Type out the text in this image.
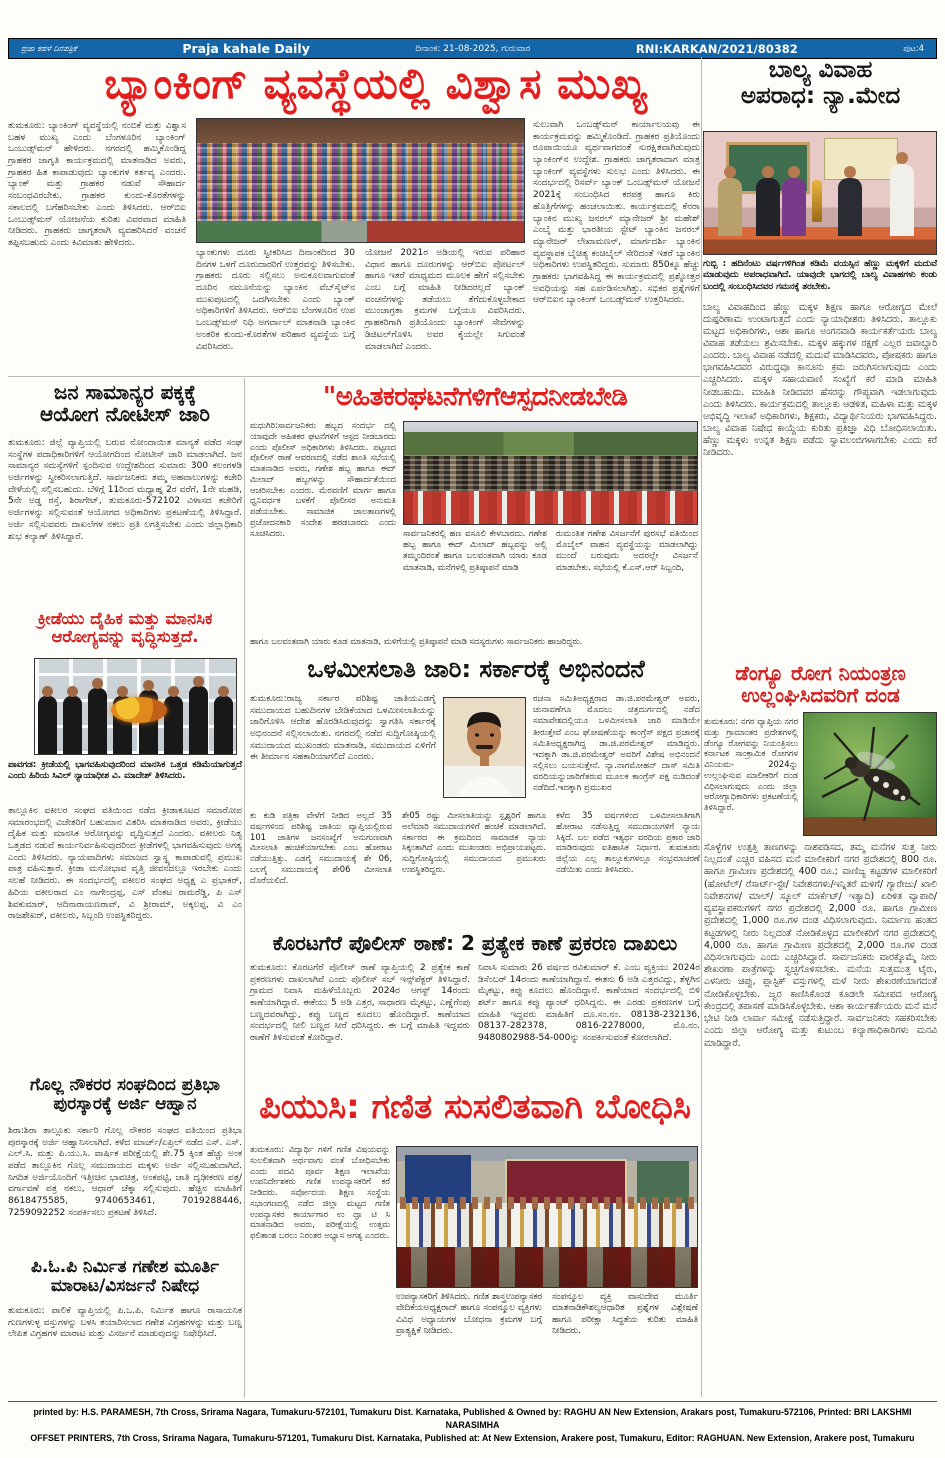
ಪ್ರಜಾ ಕಹಳೆ ದಿನಪತ್ರಿಕೆ	Praja kahale Daily	ದಿನಾಂಕ: 21-08-2025, ಗುರುವಾರ	RNI:KARKAN/2021/80382	ಪುಟ:4
ಬ್ಯಾಂಕಿಂಗ್ ವ್ಯವಸ್ಥೆಯಲ್ಲಿ ವಿಶ್ವಾಸ ಮುಖ್ಯ
ತುಮಕೂರು: ಬ್ಯಾಂಕಿಂಗ್ ವ್ಯವಸ್ಥೆಯಲ್ಲಿ ನಂಬಿಕೆ ಮತ್ತು ವಿಶ್ವಾಸ ಬಹಳ ಮುಖ್ಯ ಎಂದು ಬೆಂಗಳೂರಿನ ಬ್ಯಾಂಕಿಂಗ್ ಒಂಬುಡ್ಸ್‌ಮನ್ ಹೇಳಿದರು. ನಗರದಲ್ಲಿ ಹಮ್ಮಿಕೊಂಡಿದ್ದ ಗ್ರಾಹಕರ ಜಾಗೃತಿ ಕಾರ್ಯಕ್ರಮದಲ್ಲಿ ಮಾತನಾಡಿದ ಅವರು, ಗ್ರಾಹಕರ ಹಿತ ಕಾಪಾಡುವುದು ಬ್ಯಾಂಕುಗಳ ಕರ್ತವ್ಯ ಎಂದರು. ಬ್ಯಾಂಕ್ ಮತ್ತು ಗ್ರಾಹಕರ ನಡುವೆ ಸೌಹಾರ್ದ ಸಂಬಂಧವಿರಬೇಕು. ಗ್ರಾಹಕರ ಕುಂದು-ಕೊರತೆಗಳನ್ನು ಸಕಾಲದಲ್ಲಿ ಬಗೆಹರಿಸಬೇಕು ಎಂದು ತಿಳಿಸಿದರು. ಆರ್‌ಬಿಐ ಒಂಬುಡ್ಸ್‌ಮನ್ ಯೋಜನೆಯ ಕುರಿತು ವಿವರವಾದ ಮಾಹಿತಿ ನೀಡಿದರು. ಗ್ರಾಹಕರು ಜಾಗೃತರಾಗಿ ವ್ಯವಹರಿಸಿದರೆ ವಂಚನೆ ತಪ್ಪಿಸಬಹುದು ಎಂದು ಕಿವಿಮಾತು ಹೇಳಿದರು.
ಬ್ಯಾಂಕುಗಳು ದೂರು ಸ್ವೀಕರಿಸಿದ ದಿನಾಂಕದಿಂದ 30 ದಿನಗಳ ಒಳಗೆ ದೂರುದಾರರಿಗೆ ಉತ್ತರವನ್ನು ತಿಳಿಸಬೇಕು. ಗ್ರಾಹಕರು ದೂರು ಸಲ್ಲಿಸಲು ಅನುಕೂಲವಾಗುವಂತೆ ದೂರಿನ ನಮೂನೆಯನ್ನು ಬ್ಯಾಂಕಿನ ವೆಬ್‌ಸೈಟ್‌ನ ಮುಖಪುಟದಲ್ಲಿ ಒದಗಿಸಬೇಕು ಎಂದು ಬ್ಯಾಂಕ್ ಅಧಿಕಾರಿಗಳಿಗೆ ತಿಳಿಸಿದರು. ಆರ್‌ಬಿಐ ಬೆಂಗಳೂರಿನ ಉಪ ಒಂಬಡ್ಸ್‌ಮನ್ ನಿಧಿ ಅಗರ್ವಾಲ್ ಮಾತನಾಡಿ ಬ್ಯಾಂಕಿನ ಅಂತರಿಕ ಕುಂದು-ಕೊರತೆಗಳ ಪರಿಹಾರ ವ್ಯವಸ್ಥೆಯ ಬಗ್ಗೆ ವಿವರಿಸಿದರು.
ಯೋಜನೆ 2021ರ ಅಡಿಯಲ್ಲಿ ಇರುವ ಪರಿಹಾರ ವಿಧಾನ ಹಾಗೂ ದೂರುಗಳನ್ನು ಆರ್‌ಬಿಐ ಪೋರ್ಟಲ್ ಹಾಗೂ ಇತರೆ ಮಾಧ್ಯಮದ ಮೂಲಕ ಹೇಗೆ ಸಲ್ಲಿಸಬೇಕು ಎಂಬ ಬಗ್ಗೆ ಮಾಹಿತಿ ನೀಡಿದರಲ್ಲದೆ ಬ್ಯಾಂಕ್ ವಂಚನೆಗಳನ್ನು ತಡೆಯಲು ತೆಗೆದುಕೊಳ್ಳಬೇಕಾದ ಮುಂಜಾಗ್ರತಾ ಕ್ರಮಗಳ ಬಗ್ಗೆಯೂ ವಿವರಿಸಿದರು. ಗ್ರಾಹಕರಿಗಾಗಿ ಪ್ರತಿಯೊಂದು ಬ್ಯಾಂಕಿಂಗ್ ಸೇವೆಗಳನ್ನು ಡಿಜಿಟಲ್‌ಗೊಳಿಸಿ ಅವರ ಕೈಯಲ್ಲೇ ಸಿಗುವಂತೆ ಮಾಡಲಾಗಿದೆ ಎಂದರು.
ಸುಲುವಾಗಿ ಒಂಬಡ್ಸ್‌ಮನ್ ಕಾರ್ಯಾಲಯವು ಈ ಕಾರ್ಯಕ್ರಮವನ್ನು ಹಮ್ಮಿಕೊಂಡಿದೆ. ಗ್ರಾಹಕರ ಪ್ರತಿಯೊಂದು ರೂಪಾಯಿಯೂ ವ್ಯರ್ಥವಾಗದಂತೆ ಸುರಕ್ಷಿತವಾಗಿಡುವುದು ಬ್ಯಾಂಕಿಂಗ್‌ನ ಉದ್ದೇಶ. ಗ್ರಾಹಕರು ಜಾಗೃತರಾದಾಗ ಮಾತ್ರ ಬ್ಯಾಂಕಿಂಗ್ ವ್ಯವಸ್ಥೆಗಳು ಸುಲಭ ಎಂದು ತಿಳಿಸಿದರು. ಈ ಸಂದರ್ಭದಲ್ಲಿ ರಿಸರ್ವ್ ಬ್ಯಾಂಕ್ ಒಂಬಡ್ಸ್‌ಮನ್ ಯೋಜನೆ 2021ಕ್ಕೆ ಸಂಬಂಧಿಸಿದ ಕರಪತ್ರ ಹಾಗೂ ಕಿರು ಹೊತ್ತಿಗೆಗಳನ್ನು ಹಂಚಲಾಯಿತು. ಕಾರ್ಯಕ್ರಮದಲ್ಲಿ ಕೆನರಾ ಬ್ಯಾಂಕಿನ ಮುಖ್ಯ ಜನರಲ್ ಮ್ಯಾನೇಜರ್ ಶ್ರೀ ಮಹೇಶ್ ಎಂಬೈ ಮತ್ತು ಭಾರತೀಯ ಸ್ಟೇಟ್ ಬ್ಯಾಂಕಿನ ಜನರಲ್ ಮ್ಯಾನೇಜರ್ ಲೇಖಾಮಣನ್, ಮಾರ್ಗದರ್ಶಿ ಬ್ಯಾಂಕಿನ ವ್ಯವಸ್ಥಾಪಕ ಬೈಚಿತ್ಯ ಕಂಚಿಬೈಲ್ ಸೇರಿದಂತೆ ಇತರೆ ಬ್ಯಾಂಕಿನ ಅಧಿಕಾರಿಗಳು ಉಪಸ್ಥಿತರಿದ್ದರು. ಸುಮಾರು 850ಕ್ಕೂ ಹೆಚ್ಚು ಗ್ರಾಹಕರು ಭಾಗವಹಿಸಿದ್ದ ಈ ಕಾರ್ಯಕ್ರಮದಲ್ಲಿ ಪ್ರಶ್ನೋತ್ತರ ಅವಧಿಯನ್ನು ಸಹ ಏರ್ಪಡಿಸಲಾಗಿತ್ತು. ಸಭಿಕರ ಪ್ರಶ್ನೆಗಳಿಗೆ ಆರ್‌ಬಿಐನ ಬ್ಯಾಂಕಿಂಗ್ ಒಂಬಡ್ಸ್‌ಮನ್ ಉತ್ತರಿಸಿದರು.
ಬಾಲ್ಯ ವಿವಾಹ
ಅಪರಾಧ: ನ್ಯಾ.ಮೇದ
ಗುಬ್ಬಿ : ಹದಿನೆಂಟು ವರ್ಷಗಳಿಗಿಂತ ಕಡಿಮೆ ವಯಸ್ಸಿನ ಹೆಣ್ಣು ಮಕ್ಕಳಿಗೆ ಮದುವೆ ಮಾಡುವುದು ಅಪರಾಧವಾಗಿದೆ. ಯಾವುದೇ ಭಾಗದಲ್ಲಿ ಬಾಲ್ಯ ವಿವಾಹಗಳು ಕಂಡು ಬಂದಲ್ಲಿ ಸಂಬಂಧಿಸಿದವರ ಗಮನಕ್ಕೆ ತರಬೇಕು.
ಬಾಲ್ಯ ವಿವಾಹದಿಂದ ಹೆಣ್ಣು ಮಕ್ಕಳ ಶಿಕ್ಷಣ ಹಾಗೂ ಆರೋಗ್ಯದ ಮೇಲೆ ದುಷ್ಪರಿಣಾಮ ಉಂಟಾಗುತ್ತದೆ ಎಂದು ನ್ಯಾಯಾಧೀಶರು ತಿಳಿಸಿದರು. ತಾಲ್ಲೂಕು ಮಟ್ಟದ ಅಧಿಕಾರಿಗಳು, ಆಶಾ ಹಾಗೂ ಅಂಗನವಾಡಿ ಕಾರ್ಯಕರ್ತೆಯರು ಬಾಲ್ಯ ವಿವಾಹ ತಡೆಯಲು ಶ್ರಮಿಸಬೇಕು. ಮಕ್ಕಳ ಹಕ್ಕುಗಳ ರಕ್ಷಣೆ ಎಲ್ಲರ ಜವಾಬ್ದಾರಿ ಎಂದರು. ಬಾಲ್ಯ ವಿವಾಹ ನಡೆದಲ್ಲಿ ಮದುವೆ ಮಾಡಿಸಿದವರು, ಪೋಷಕರು ಹಾಗೂ ಭಾಗವಹಿಸಿದವರ ವಿರುದ್ಧವೂ ಕಾನೂನು ಕ್ರಮ ಜರುಗಿಸಲಾಗುವುದು ಎಂದು ಎಚ್ಚರಿಸಿದರು. ಮಕ್ಕಳ ಸಹಾಯವಾಣಿ ಸಂಖ್ಯೆಗೆ ಕರೆ ಮಾಡಿ ಮಾಹಿತಿ ನೀಡಬಹುದು. ಮಾಹಿತಿ ನೀಡಿದವರ ಹೆಸರನ್ನು ಗೌಪ್ಯವಾಗಿ ಇಡಲಾಗುವುದು ಎಂದು ತಿಳಿಸಿದರು. ಕಾರ್ಯಕ್ರಮದಲ್ಲಿ ತಾಲ್ಲೂಕು ಆಡಳಿತ, ಮಹಿಳಾ ಮತ್ತು ಮಕ್ಕಳ ಅಭಿವೃದ್ಧಿ ಇಲಾಖೆ ಅಧಿಕಾರಿಗಳು, ಶಿಕ್ಷಕರು, ವಿದ್ಯಾರ್ಥಿನಿಯರು ಭಾಗವಹಿಸಿದ್ದರು. ಬಾಲ್ಯ ವಿವಾಹ ನಿಷೇಧ ಕಾಯ್ದೆಯ ಕುರಿತು ಪ್ರತಿಜ್ಞಾ ವಿಧಿ ಬೋಧಿಸಲಾಯಿತು. ಹೆಣ್ಣು ಮಕ್ಕಳು ಉನ್ನತ ಶಿಕ್ಷಣ ಪಡೆದು ಸ್ವಾವಲಂಬಿಗಳಾಗಬೇಕು ಎಂದು ಕರೆ ನೀಡಿದರು.
ಜನ ಸಾಮಾನ್ಯರ ಪಕ್ಕಕ್ಕೆ
ಆಯೋಗ ನೋಟೀಸ್ ಜಾರಿ
ತುಮಕೂರು: ಜಿಲ್ಲೆ ವ್ಯಾಪ್ತಿಯಲ್ಲಿ ಬರುವ ನೋಂದಾಯಿತ ಮಾನ್ಯತೆ ಪಡೆದ ಸಂಘ ಸಂಸ್ಥೆಗಳ ಪದಾಧಿಕಾರಿಗಳಿಗೆ ಆಯೋಗದಿಂದ ನೋಟೀಸ್ ಜಾರಿ ಮಾಡಲಾಗಿದೆ. ಜನ ಸಾಮಾನ್ಯರ ಸಮಸ್ಯೆಗಳಿಗೆ ಸ್ಪಂದಿಸುವ ಉದ್ದೇಶದಿಂದ ಸುಮಾರು 300 ಕಲಂಗಳಡಿ ಅರ್ಜಿಗಳನ್ನು ಸ್ವೀಕರಿಸಲಾಗುತ್ತಿದೆ. ಸಾರ್ವಜನಿಕರು ತಮ್ಮ ಅಹವಾಲುಗಳನ್ನು ಕಚೇರಿ ವೇಳೆಯಲ್ಲಿ ಸಲ್ಲಿಸಬಹುದು. ಬೆಳಿಗ್ಗೆ 11ರಿಂದ ಮಧ್ಯಾಹ್ನ 2ರ ವರೆಗೆ, 1ನೇ ಮಹಡಿ, 5ನೇ ಅಡ್ಡ ರಸ್ತೆ, ಶಿರಾಗೇಟ್, ತುಮಕೂರು-572102 ವಿಳಾಸದ ಕಚೇರಿಗೆ ಅರ್ಜಿಗಳನ್ನು ಸಲ್ಲಿಸುವಂತೆ ಆಯೋಗದ ಅಧಿಕಾರಿಗಳು ಪ್ರಕಟಣೆಯಲ್ಲಿ ತಿಳಿಸಿದ್ದಾರೆ. ಅರ್ಜಿ ಸಲ್ಲಿಸುವವರು ದಾಖಲೆಗಳ ನಕಲು ಪ್ರತಿ ಲಗತ್ತಿಸಬೇಕು ಎಂದು ಜಿಲ್ಲಾಧಿಕಾರಿ ಶುಭ ಕಲ್ಯಾಣ್ ತಿಳಿಸಿದ್ದಾರೆ.
ಕ್ರೀಡೆಯು ದೈಹಿಕ ಮತ್ತು ಮಾನಸಿಕ
ಆರೋಗ್ಯವನ್ನು ವೃದ್ಧಿಸುತ್ತದೆ.
ಪಾವಗಡ: ಕ್ರೀಡೆಯಲ್ಲಿ ಭಾಗವಹಿಸುವುದರಿಂದ ಮಾನಸಿಕ ಒತ್ತಡ ಕಡಿಮೆಯಾಗುತ್ತದೆ ಎಂದು ಹಿರಿಯ ಸಿವಿಲ್ ನ್ಯಾಯಾಧೀಶ ವಿ. ಮಾದೇಶ್ ತಿಳಿಸಿದರು.
ತಾಲ್ಲೂಕಿನ ವಕೀಲರ ಸಂಘದ ವತಿಯಿಂದ ನಡೆದ ಕ್ರೀಡಾಕೂಟದ ಸಮಾರೋಪ ಸಮಾರಂಭದಲ್ಲಿ ವಿಜೇತರಿಗೆ ಬಹುಮಾನ ವಿತರಿಸಿ ಮಾತನಾಡಿದ ಅವರು, ಕ್ರೀಡೆಯು ದೈಹಿಕ ಮತ್ತು ಮಾನಸಿಕ ಆರೋಗ್ಯವನ್ನು ವೃದ್ಧಿಸುತ್ತದೆ ಎಂದರು. ವಕೀಲರು ನಿತ್ಯ ಒತ್ತಡದ ನಡುವೆ ಕಾರ್ಯನಿರ್ವಹಿಸುವುದರಿಂದ ಕ್ರೀಡೆಗಳಲ್ಲಿ ಭಾಗವಹಿಸುವುದು ಅಗತ್ಯ ಎಂದು ತಿಳಿಸಿದರು. ನ್ಯಾಯವಾದಿಗಳು ಸಮಾಜದ ಸ್ವಾಸ್ಥ್ಯ ಕಾಪಾಡುವಲ್ಲಿ ಪ್ರಮುಖ ಪಾತ್ರ ವಹಿಸುತ್ತಾರೆ. ಕ್ರೀಡಾ ಮನೋಭಾವ ವೃತ್ತಿ ಜೀವನದಲ್ಲೂ ಇರಬೇಕು ಎಂದು ಸಲಹೆ ನೀಡಿದರು. ಈ ಸಂದರ್ಭದಲ್ಲಿ ವಕೀಲರ ಸಂಘದ ಅಧ್ಯಕ್ಷ ಎ ಪ್ರಭಾಕರ್, ಹಿರಿಯ ವಕೀಲರಾದ ಎಂ ನಾಗೇಂದ್ರಪ್ಪ, ಎಸ್ ವೆಂಕಟ ರಾಮರೆಡ್ಡಿ, ಪಿ ಎಸ್ ಶಿವಕುಮಾರ್, ಆದಿನಾರಾಯಣರಾವ್, ವಿ ಶ್ರೀರಾಮ್, ಅಕ್ಕಲಪ್ಪ, ವಿ ಎಂ ರಾಜಶೇಖರ್, ವಕೀಲರು, ಸಿಬ್ಬಂದಿ ಉಪಸ್ಥಿತರಿದ್ದರು.
ಗೊಲ್ಲ ನೌಕರರ ಸಂಘದಿಂದ ಪ್ರತಿಭಾ
ಪುರಸ್ಕಾರಕ್ಕೆ ಅರ್ಜಿ ಆಹ್ವಾನ
ಶಿರಾ:ಶಿರಾ ತಾಲ್ಲೂಕು ಸರ್ಕಾರಿ ಗೊಲ್ಲ ನೌಕರರ ಸಂಘದ ವತಿಯಿಂದ ಪ್ರತಿಭಾ ಪುರಸ್ಕಾರಕ್ಕೆ ಅರ್ಜಿ ಆಹ್ವಾನಿಸಲಾಗಿದೆ. ಕಳೆದ ಮಾರ್ಚ್/ಏಪ್ರಿಲ್ ನಡೆದ ಎಸ್. ಎಸ್. ಎಲ್.ಸಿ. ಮತ್ತು ಪಿ.ಯು.ಸಿ. ವಾರ್ಷಿಕ ಪರೀಕ್ಷೆಯಲ್ಲಿ ಶೇ.75 ಕ್ಕಿಂತ ಹೆಚ್ಚು ಅಂಕ ಪಡೆದ ತಾಲ್ಲೂಕಿನ ಗೊಲ್ಲ ಸಮುದಾಯದ ಮಕ್ಕಳು ಅರ್ಜಿ ಸಲ್ಲಿಸಬಹುದಾಗಿದೆ. ನಿಗದಿತ ಅರ್ಜಿಯೊಂದಿಗೆ ಇತ್ತೀಚಿನ ಭಾವಚಿತ್ರ, ಅಂಕಪಟ್ಟಿ, ಜಾತಿ ದೃಢೀಕರಣ ಪತ್ರ/ವರ್ಗಾವಣೆ ಪತ್ರ ನಕಲು, ಆಧಾರ್ ಚೆಕ್ಕಾ ಸಲ್ಲಿಸುವುದು. ಹೆಚ್ಚಿನ ಮಾಹಿತಿಗೆ 8618475585, 9740653461, 7019288446, 7259092252 ಸಂಪರ್ಕಿಸಲು ಪ್ರಕಟಣೆ ತಿಳಿಸಿದೆ.
ಪಿ.ಓ.ಪಿ ನಿರ್ಮಿತ ಗಣೇಶ ಮೂರ್ತಿ
ಮಾರಾಟ/ವಿಸರ್ಜನೆ ನಿಷೇಧ
ತುಮಕೂರು: ಪಾಲಿಕೆ ವ್ಯಾಪ್ತಿಯಲ್ಲಿ ಪಿ.ಒ.ಪಿ. ನಿರ್ಮಿತ ಹಾಗೂ ರಾಸಾಯನಿಕ ಗುಣಗಳುಳ್ಳ ವಸ್ತುಗಳನ್ನು ಬಳಸಿ ತಯಾರಿಸಲಾದ ಗಣೇಶ ವಿಗ್ರಹಗಳನ್ನು ಮತ್ತು ಬಣ್ಣ ಲೇಪಿತ ವಿಗ್ರಹಗಳ ಮಾರಾಟ ಮತ್ತು ವಿಸರ್ಜನೆ ಮಾಡುವುದನ್ನು ನಿಷೇಧಿಸಿದೆ.
"ಅಹಿತಕರಘಟನೆಗಳಿಗೆಆಸ್ಪದನೀಡಬೇಡಿ
ಮಧುಗಿರಿ:ಸಾರ್ವಜನಿಕರು ಹಬ್ಬದ ಸಂದರ್ಭ ದಲ್ಲಿ ಯಾವುದೇ ಅಹಿತಕರ ಘಟನೆಗಳಿಗೆ ಆಸ್ಪದ ನೀಡಬಾರದು ಎಂದು ಪೊಲೀಸ್ ಅಧಿಕಾರಿಗಳು ತಿಳಿಸಿದರು. ಪಟ್ಟಣದ ಪೊಲೀಸ್ ಠಾಣೆ ಆವರಣದಲ್ಲಿ ನಡೆದ ಶಾಂತಿ ಸಭೆಯಲ್ಲಿ ಮಾತನಾಡಿದ ಅವರು, ಗಣೇಶ ಹಬ್ಬ ಹಾಗೂ ಈದ್ ಮಿಲಾದ್ ಹಬ್ಬಗಳನ್ನು ಸೌಹಾರ್ದತೆಯಿಂದ ಆಚರಿಸಬೇಕು ಎಂದರು. ಮೆರವಣಿಗೆ ಮಾರ್ಗ ಹಾಗೂ ಧ್ವನಿವರ್ಧಕ ಬಳಕೆಗೆ ಪೊಲೀಸರ ಅನುಮತಿ ಪಡೆಯಬೇಕು. ಸಾಮಾಜಿಕ ಜಾಲತಾಣಗಳಲ್ಲಿ ಪ್ರಚೋದನಕಾರಿ ಸಂದೇಶ ಹರಡಬಾರದು ಎಂದು ಸೂಚಿಸಿದರು.	ಸಾರ್ವಜನಿಕರಲ್ಲಿ ಹಣ ವಸೂಲಿ ಕೇಳಬಾರದು. ಗಣೇಶ ಹಬ್ಬ ಹಾಗೂ ಈದ್ ಮಿಲಾದ್ ಹಬ್ಬವನ್ನು ಅಲ್ಲಿ ತಮ್ಮಂದಿರಂತೆ ಹಾಗೂ ಬಲವಂತವಾಗಿ ಯಾರು ಕೂಡ ಮಾತನಾಡಿ, ಮನೆಗಳಲ್ಲಿ ಪ್ರತಿಷ್ಠಾಪನೆ ಮಾಡಿ
ರುಮಂತಿತ ಗಣೇಶ ವಿಸರ್ಜನೆಗೆ ಪುರಸಭೆ ವತಿಯಿಂದ ಮೊಬೈಲ್ ವಾಹನ ವ್ಯವಸ್ಥೆಯನ್ನು ಮಾಡಲಾಗಿದ್ದು ಮುಂದೆ ಬರುವುದು ಅದರಲ್ಲೇ ವಿಸರ್ಜನೆ ಮಾಡಬೇಕು. ಸಭೆಯಲ್ಲಿ ಕೆ.ಎಸ್.ಆರ್ ಸಿಬ್ಬಂದಿ,
ಹಾಗೂ ಬಲವಂತವಾಗಿ ಯಾರು ಕೂಡ ಮಾತನಾಡಿ, ಮಳಿಗೆಯಲ್ಲಿ ಪ್ರತಿಷ್ಠಾಪನೆ ಮಾಡಿ ಸದಸ್ಯರುಗಳು ಸಾರ್ವಜನಿಕರು ಹಾಜರಿದ್ದರು.
ಒಳಮೀಸಲಾತಿ ಜಾರಿ: ಸರ್ಕಾರಕ್ಕೆ ಅಭಿನಂದನೆ
ತುಮಕೂರು:ರಾಜ್ಯ ಸರ್ಕಾರ ಪರಿಶಿಷ್ಟ ಜಾತಿಯಎಡಗೈ ಸಮುದಾಯದ ಬಹುದಿನಗಳ ಬೇಡಿಕೆಯಾದ ಒಳಮೀಸಲಾತಿಯನ್ನು ಜಾರಿಗೊಳಿಸಿ ಆದೇಶ ಹೊರಡಿಸಿರುವುದನ್ನು ಸ್ವಾಗತಿಸಿ ಸರ್ಕಾರಕ್ಕೆ ಅಭಿನಂದನೆ ಸಲ್ಲಿಸಲಾಯಿತು. ನಗರದಲ್ಲಿ ನಡೆದ ಸುದ್ದಿಗೋಷ್ಠಿಯಲ್ಲಿ ಸಮುದಾಯದ ಮುಖಂಡರು ಮಾತನಾಡಿ, ಸಮುದಾಯದ ಏಳಿಗೆಗೆ ಈ ತೀರ್ಮಾನ ಸಹಕಾರಿಯಾಗಲಿದೆ ಎಂದರು.
ರಚನಾ ಸಮಿತಿಅಧ್ಯಕ್ಷರಾದ ಡಾ.ಜಿ.ಪರಮೇಶ್ವರ್ ಅವರು, ಚುನಾವಣೆಗೂ ಮೊದಲು ಚಿತ್ರದುರ್ಗದಲ್ಲಿ ನಡೆದ ಸಮಾವೇಶದಲ್ಲಿಯೂ ಒಳಮೀಸಲಾತಿ ಜಾರಿ ಮಾಡಿಯೇ ತೀರುತ್ತೇವೆ ಎಂಬ ಘೋಷಣೆಯನ್ನು ಕಾಂಗ್ರೆಸ್ ಪಕ್ಷದ ಪ್ರಚಾರಕ್ಕೆ ಸಮಿತಿಅಧ್ಯಕ್ಷರಾಗಿದ್ದ ಡಾ.ಜಿ.ಪರಮೇಶ್ವರ್ ಮಾಡಿದ್ದರು. ಇದಕ್ಕಾಗಿ ಡಾ.ಜಿ.ಪರಮೇಶ್ವರ್ ಅವರಿಗೆ ವಿಶೇಷ ಅಭಿನಂದನೆ ಸಲ್ಲಿಸಲು ಬಯಸುತ್ತೇನೆ. ನ್ಯಾ.ನಾಗಮೋಹನ್ ದಾಸ್ ಸಮಿತಿ ವರದಿಯನ್ನುಜಾರಿಗೆತರುವ ಮೂಲಕ ಕಾಂಗ್ರೆಸ್ ಪಕ್ಷ ನುಡಿದಂತೆ ನಡೆದಿದೆ.ಇದಕ್ಕಾಗಿ ಪ್ರಮುಖರ
ಕು ಕುಡಿ ಪತ್ರಿಕಾ ವೇಳೆಗೆ ನೀಡಿದ ಅಲ್ಲದೆ 35 ವರ್ಷಗಳಿಂದ ಪರಿಶಿಷ್ಟ ಜಾತಿಯ ವ್ಯಾಪ್ತಿಯಲ್ಲಿರುವ 101 ಜಾತಿಗಳ ಜನಸಂಖ್ಯೆಗೆ ಅನುಗುಣವಾಗಿ ಮೀಸಲಾತಿ ಹಂಚಿಕೆಯಾಗಬೇಕು ಎಂಬ ಹೋರಾಟ ನಡೆಯುತ್ತಿತ್ತು. ಎಡಗೈ ಸಮುದಾಯಕ್ಕೆ ಶೇ 06, ಬಲಗೈ ಸಮುದಾಯಕ್ಕೆ ಶೇ06 ಮೀಸಲಾತಿ ದೊರೆಯಲಿದೆ.
ಶೇ05 ರಷ್ಟು ಮೀಸಲಾತಿಯನ್ನು ಸ್ಪೃಶ್ಯರಿಗೆ ಹಾಗೂ ಅಲೆಮಾರಿ ಸಮುದಾಯಗಳಿಗೆ ಹಂಚಿಕೆ ಮಾಡಲಾಗಿದೆ. ಸರ್ಕಾರದ ಈ ಕ್ರಮದಿಂದ ಸಾಮಾಜಿಕ ನ್ಯಾಯ ಸಿಕ್ಕಂತಾಗಿದೆ ಎಂದು ಮುಖಂಡರು ಅಭಿಪ್ರಾಯಪಟ್ಟರು. ಸುದ್ದಿಗೋಷ್ಠಿಯಲ್ಲಿ ಸಮುದಾಯದ ಪ್ರಮುಖರು ಉಪಸ್ಥಿತರಿದ್ದರು.
ಕಳೆದ 35 ವರ್ಷಗಳಿಂದ ಒಳಮೀಸಲಾತಿಗಾಗಿ ಹೋರಾಟ ನಡೆಸುತ್ತಿದ್ದ ಸಮುದಾಯಗಳಿಗೆ ನ್ಯಾಯ ಸಿಕ್ಕಿದೆ. ಬಲ ಪಡೆದ ಇತ್ಯರ್ಥ ವರದಿಯ ಪ್ರಕಾರ ಜಾರಿ ಮಾಡಿರುವುದು ಐತಿಹಾಸಿಕ ನಿರ್ಧಾರ. ತುಮಕೂರು ಜಿಲ್ಲೆಯ ಎಲ್ಲ ತಾಲ್ಲೂಕುಗಳಲ್ಲೂ ಸಂಭ್ರಮಾಚರಣೆ ನಡೆಯಿತು ಎಂದು ತಿಳಿಸಿದರು.
ಕೊರಟಗೆರೆ ಪೊಲೀಸ್ ಠಾಣೆ: 2 ಪ್ರತ್ಯೇಕ ಕಾಣೆ ಪ್ರಕರಣ ದಾಖಲು
ತುಮಕೂರು: ಕೊರಟಗೆರೆ ಪೊಲೀಸ್ ಠಾಣೆ ವ್ಯಾಪ್ತಿಯಲ್ಲಿ 2 ಪ್ರತ್ಯೇಕ ಕಾಣೆ ಪ್ರಕರಣಗಳು ದಾಖಲಾಗಿವೆ ಎಂದು ಪೊಲೀಸ್ ಸಬ್ ಇನ್ಸ್‌ಪೆಕ್ಟರ್ ತಿಳಿಸಿದ್ದಾರೆ. ಗ್ರಾಮದ ನಿವಾಸಿ ಮಹಿಳೆಯೊಬ್ಬರು 2024ರ ಆಗಸ್ಟ್ 14ರಂದು ಕಾಣೆಯಾಗಿದ್ದಾರೆ. ಈಕೆಯು 5 ಅಡಿ ಎತ್ತರ, ಸಾಧಾರಣ ಮೈಕಟ್ಟು, ಎಣ್ಣೆಗೆಂಪು ಬಣ್ಣದವರಾಗಿದ್ದು, ಕಪ್ಪು ಬಣ್ಣದ ಕೂದಲು ಹೊಂದಿದ್ದಾರೆ. ಕಾಣೆಯಾದ ಸಂದರ್ಭದಲ್ಲಿ ನೀಲಿ ಬಣ್ಣದ ಸೀರೆ ಧರಿಸಿದ್ದರು. ಈ ಬಗ್ಗೆ ಮಾಹಿತಿ ಇದ್ದವರು ಠಾಣೆಗೆ ತಿಳಿಸುವಂತೆ ಕೋರಿದ್ದಾರೆ.
ನಿವಾಸಿ ಸುಮಾರು 26 ವರ್ಷದ ರವಿಕುಮಾರ್ ಕೆ. ಎಂಬ ವ್ಯಕ್ತಿಯು 2024ರ ಡಿಸೆಂಬರ್ 14ರಂದು ಕಾಣೆಯಾಗಿದ್ದಾನೆ. ಈತನು 6 ಅಡಿ ಎತ್ತರವಿದ್ದು, ತೆಳ್ಳಗಿನ ಮೈಕಟ್ಟು, ಕಪ್ಪು ಕೂದಲು ಹೊಂದಿದ್ದಾನೆ. ಕಾಣೆಯಾದ ಸಂದರ್ಭದಲ್ಲಿ ಬಿಳಿ ಶರ್ಟ್ ಹಾಗೂ ಕಪ್ಪು ಪ್ಯಾಂಟ್ ಧರಿಸಿದ್ದನು. ಈ ಎರಡು ಪ್ರಕರಣಗಳ ಬಗ್ಗೆ ಮಾಹಿತಿ ಇದ್ದವರು ಮಾಹಿತಿಗೆ ದೂ.ಸಂ.ನಂ. 08138-232136, 08137-282378, 0816-2278000, ಮೊ.ನಂ. 9480802988-54-000ನ್ನು ಸಂಪರ್ಕಿಸುವಂತೆ ಕೋರಲಾಗಿದೆ.
ಪಿಯುಸಿ: ಗಣಿತ ಸುಸಲಿತವಾಗಿ ಬೋಧಿಸಿ
ತುಮಕೂರು: ವಿದ್ಯಾರ್ಥಿ ಗಳಿಗೆ ಗಣಿತ ವಿಷಯವನ್ನು ಸುಲಲಿತವಾಗಿ ಅರ್ಥವಾಗು ವಂತೆ ಬೋಧಿಸಬೇಕು ಎಂದು ಪದವಿ ಪೂರ್ವ ಶಿಕ್ಷಣ ಇಲಾಖೆಯ ಉಪನಿರ್ದೇಶಕರು ಗಣಿತ ಉಪನ್ಯಾಸಕರಿಗೆ ಕರೆ ನೀಡಿದರು. ಸರ್ವೋದಯ ಶಿಕ್ಷಣ ಸಂಸ್ಥೆಯ ಸಭಾಂಗಣದಲ್ಲಿ ನಡೆದ ಜಿಲ್ಲಾ ಮಟ್ಟದ ಗಣಿತ ಉಪನ್ಯಾಸಕರ ಕಾರ್ಯಾಗಾರ ಉ ದ್ಘಾ ಟಿ ಸಿ ಮಾತನಾಡಿದ ಅವರು, ಪರೀಕ್ಷೆಯಲ್ಲಿ ಉತ್ತಮ ಫಲಿತಾಂಶ ಬರಲು ನಿರಂತರ ಅಭ್ಯಾಸ ಅಗತ್ಯ ಎಂದರು.
ಉಪನ್ಯಾಸಕರಿಗೆ ತಿಳಿಸಿದರು. ಗಣಿತ ಶಾಸ್ತ್ರಉಪನ್ಯಾಸಕರ ವೇದಿಕೆಯಅಧ್ಯಕ್ಷರಾದ್ ಹಾಗೂ ಸಂಪನ್ಮೂಲ ವ್ಯಕ್ತಿಗಳು ವಿವಿಧ ಅಧ್ಯಾಯಗಳ ಬೋಧನಾ ಕ್ರಮಗಳ ಬಗ್ಗೆ ಪ್ರಾತ್ಯಕ್ಷಿಕೆ ನೀಡಿದರು.
ಸಂಪನ್ಮೂಲ ವ್ಯಕ್ತಿ ವಾಸುದೇವ ಮೂರ್ತಿ ಮಾತನಾಡಿಕೌಶಲ್ಯಆಧಾರಿತ ಪ್ರಶ್ನೆಗಳ ವಿಶ್ಲೇಷಣೆ ಹಾಗೂ ಪರೀಕ್ಷಾ ಸಿದ್ಧತೆಯ ಕುರಿತು ಮಾಹಿತಿ ನೀಡಿದರು.
ಡೆಂಗ್ಯೂ ರೋಗ ನಿಯಂತ್ರಣ
ಉಲ್ಲಂಘಿಸಿದವರಿಗೆ ದಂಡ
ತುಮಕೂರು: ನಗರ ವ್ಯಾಪ್ತಿಯ ನಗರ ಮತ್ತು ಗ್ರಾಮಾಂತರ ಪ್ರದೇಶಗಳಲ್ಲಿ ಡೆಂಗ್ಯೂ ರೋಗವನ್ನು ನಿಯಂತ್ರಿಸಲು ಕರ್ನಾಟಕ ಸಾಂಕ್ರಾಮಿಕ ರೋಗಗಳ ವಿನಿಯಮ- 2024ನ್ನು ಉಲ್ಲಂಘಿಸುವ ಮಾಲೀಕರಿಗೆ ದಂಡ ವಿಧಿಸಲಾಗುವುದು ಎಂದು ಜಿಲ್ಲಾ ಆರೋಗ್ಯಾಧಿಕಾರಿಗಳು ಪ್ರಕಟಣೆಯಲ್ಲಿ ತಿಳಿಸಿದ್ದಾರೆ.
ಸೊಳ್ಳೆಗಳ ಉತ್ಪತ್ತಿ ತಾಣಗಳನ್ನು ನಾಶಪಡಿಸದ, ತಮ್ಮ ಮನೆಗಳ ಸುತ್ತ ನೀರು ನಿಲ್ಲದಂತೆ ಎಚ್ಚರ ವಹಿಸದ ಮನೆ ಮಾಲೀಕರಿಗೆ ನಗರ ಪ್ರದೇಶದಲ್ಲಿ 800 ರೂ. ಹಾಗೂ ಗ್ರಾಮೀಣ ಪ್ರದೇಶದಲ್ಲಿ 400 ರೂ.; ವಾಣಿಜ್ಯ ಕಟ್ಟಡಗಳ ಮಾಲೀಕರಿಗೆ (ಹೋಟೆಲ್/ ರೆಸಾರ್ಟ್-ಸ್ಟೇ/ ನಿವೇಶನಗಳು/ಇನ್ನಿತರೆ ಮಳಿಗೆ/ ಗ್ಯಾರೇಜು/ ಖಾಲಿ ನಿವೇಶನಗಳ/ ಮಾಲ್/ ಸ್ಕೂಲ್ ಮಾರ್ಕೆಟ್/ ಇತ್ಯಾದಿ) ಏರಿಳಿತ ವ್ಯಾಪಾರಿ/ ವ್ಯವಸ್ಥಾಪಕರುಗಳಿಗೆ ನಗರ ಪ್ರದೇಶದಲ್ಲಿ 2,000 ರೂ. ಹಾಗೂ ಗ್ರಾಮೀಣ ಪ್ರದೇಶದಲ್ಲಿ 1,000 ರೂ.ಗಳ ದಂಡ ವಿಧಿಸಲಾಗುವುದು. ನಿರ್ಮಾಣ ಹಂತದ ಕಟ್ಟಡಗಳಲ್ಲಿ ನೀರು ನಿಲ್ಲದಂತೆ ನೋಡಿಕೊಳ್ಳದ ಮಾಲೀಕರಿಗೆ ನಗರ ಪ್ರದೇಶದಲ್ಲಿ 4,000 ರೂ. ಹಾಗೂ ಗ್ರಾಮೀಣ ಪ್ರದೇಶದಲ್ಲಿ 2,000 ರೂ.ಗಳ ದಂಡ ವಿಧಿಸಲಾಗುವುದು ಎಂದು ಎಚ್ಚರಿಸಿದ್ದಾರೆ. ಸಾರ್ವಜನಿಕರು ವಾರಕ್ಕೊಮ್ಮೆ ನೀರು ಶೇಖರಣಾ ಪಾತ್ರೆಗಳನ್ನು ಸ್ವಚ್ಛಗೊಳಿಸಬೇಕು. ಮನೆಯ ಸುತ್ತಮುತ್ತ ಟೈರು, ಎಳನೀರು ಚಿಪ್ಪು, ಪ್ಲಾಸ್ಟಿಕ್ ವಸ್ತುಗಳಲ್ಲಿ ಮಳೆ ನೀರು ಶೇಖರಣೆಯಾಗದಂತೆ ನೋಡಿಕೊಳ್ಳಬೇಕು. ಜ್ವರ ಕಾಣಿಸಿಕೊಂಡ ಕೂಡಲೇ ಸಮೀಪದ ಆರೋಗ್ಯ ಕೇಂದ್ರದಲ್ಲಿ ತಪಾಸಣೆ ಮಾಡಿಸಿಕೊಳ್ಳಬೇಕು. ಆಶಾ ಕಾರ್ಯಕರ್ತೆಯರು ಮನೆ ಮನೆ ಭೇಟಿ ನೀಡಿ ಲಾರ್ವಾ ಸಮೀಕ್ಷೆ ನಡೆಸುತ್ತಿದ್ದಾರೆ. ಸಾರ್ವಜನಿಕರು ಸಹಕರಿಸಬೇಕು ಎಂದು ಜಿಲ್ಲಾ ಆರೋಗ್ಯ ಮತ್ತು ಕುಟುಂಬ ಕಲ್ಯಾಣಾಧಿಕಾರಿಗಳು ಮನವಿ ಮಾಡಿದ್ದಾರೆ.
printed by: H.S. PARAMESH, 7th Cross, Srirama Nagara, Tumakuru-572101, Tumakuru Dist. Karnataka, Published & Owned by: RAGHU AN New Extension, Arakars post, Tumakuru-572106, Printed: BRI LAKSHMI NARASIMHA
OFFSET PRINTERS, 7th Cross, Srirama Nagara, Tumakuru-571201, Tumakuru Dist. Karnataka, Published at: At New Extension, Arakere post, Tumakuru, Editor: RAGHUAN. New Extension, Arakere post, Tumakuru
